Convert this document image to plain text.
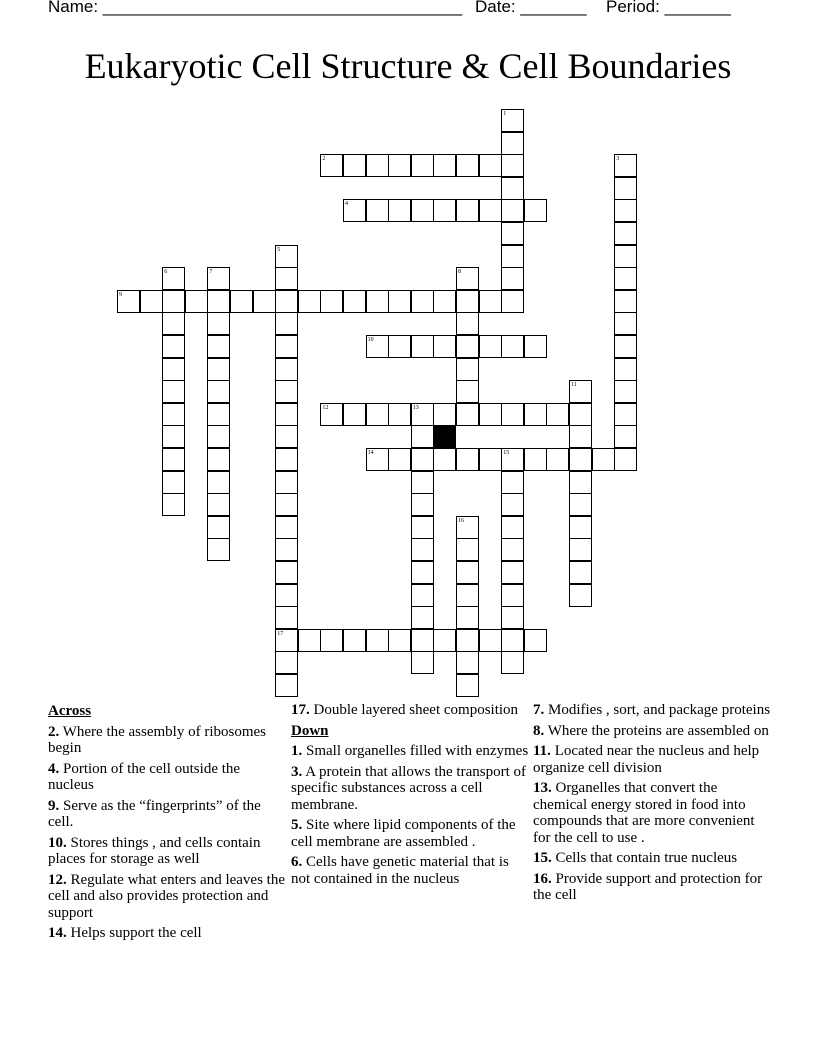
Name: ______________________________________ Date: _______ Period: _______
Eukaryotic Cell Structure & Cell Boundaries
1
2	3
4
5
6	7	8
9
10
11
12	13
14	15
16
17
Across
2. Where the assembly of ribosomes begin
4. Portion of the cell outside the nucleus
9. Serve as the “fingerprints” of the cell.
10. Stores things , and cells contain places for storage as well
12. Regulate what enters and leaves the cell and also provides protection and support
14. Helps support the cell
17. Double layered sheet composition
Down
1. Small organelles filled with enzymes
3. A protein that allows the transport of specific substances across a cell membrane.
5. Site where lipid components of the cell membrane are assembled .
6. Cells have genetic material that is not contained in the nucleus
7. Modifies , sort, and package proteins
8. Where the proteins are assembled on
11. Located near the nucleus and help organize cell division
13. Organelles that convert the chemical energy stored in food into compounds that are more convenient for the cell to use .
15. Cells that contain true nucleus
16. Provide support and protection for the cell
